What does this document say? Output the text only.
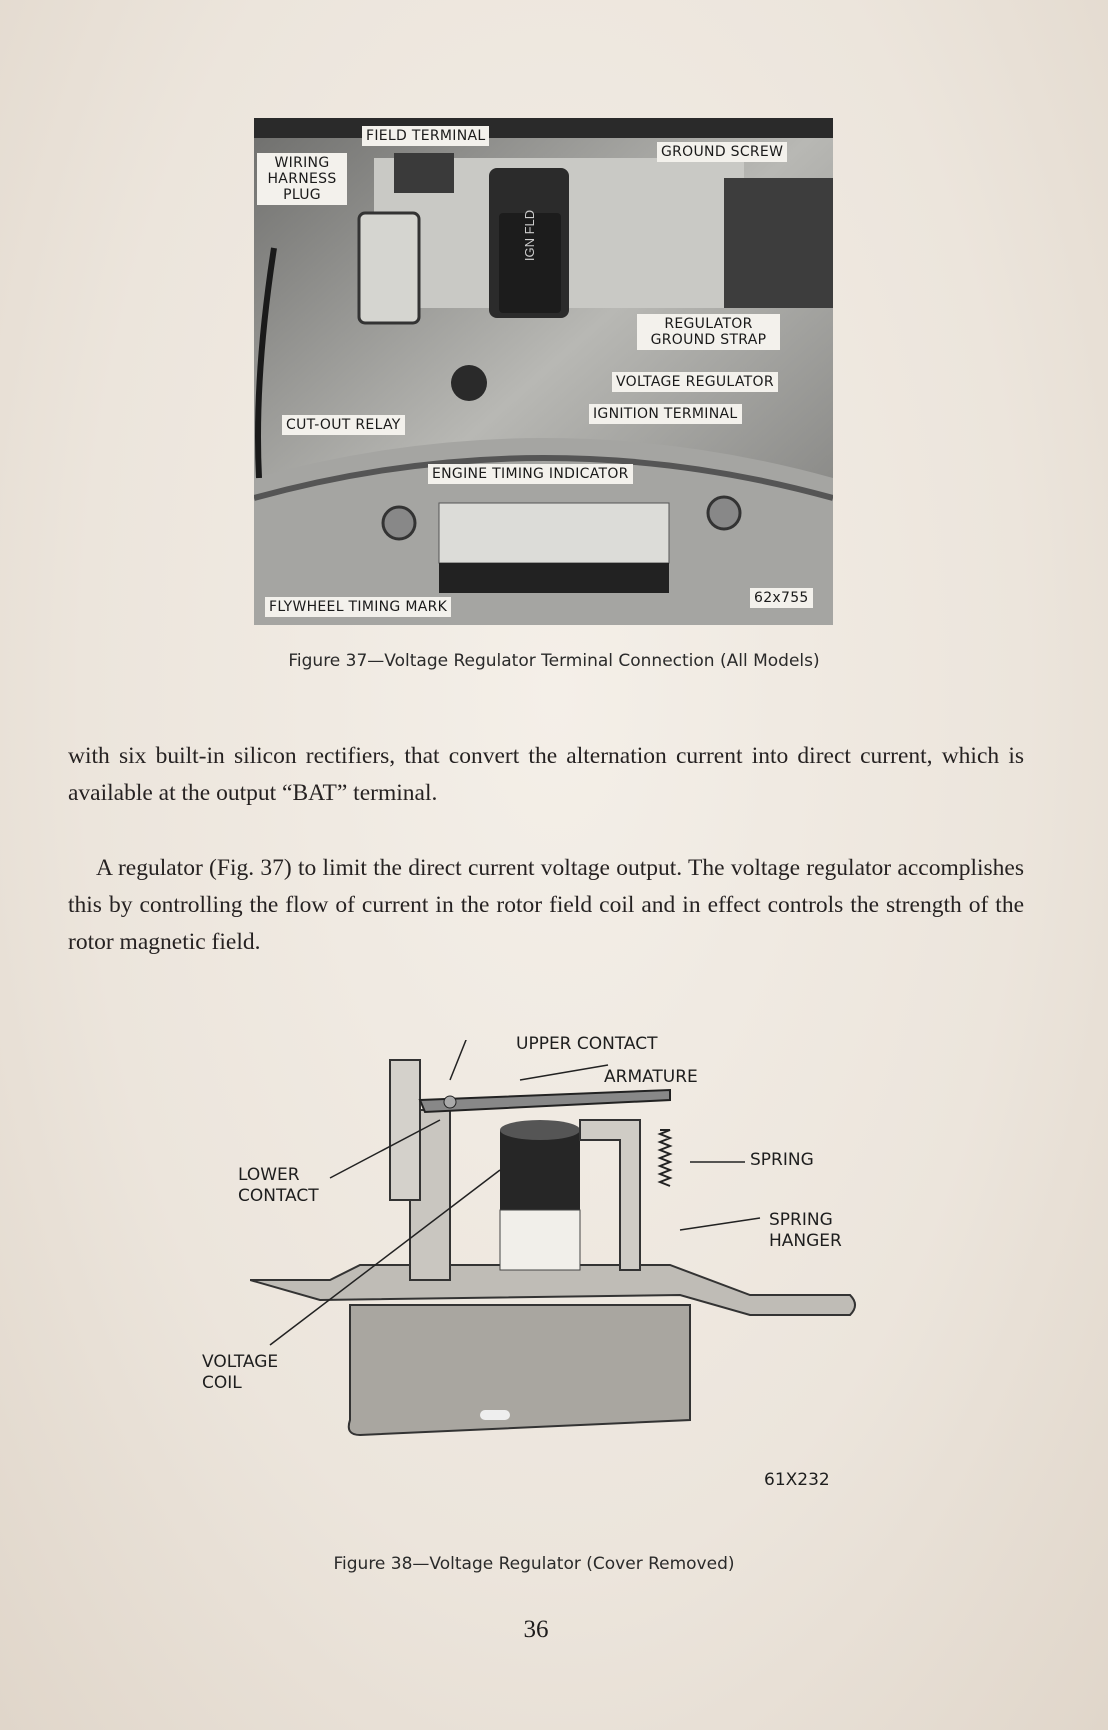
FIELD TERMINAL
WIRING HARNESS PLUG
GROUND SCREW
REGULATOR GROUND STRAP
VOLTAGE REGULATOR
IGNITION TERMINAL
CUT-OUT RELAY
ENGINE TIMING INDICATOR
FLYWHEEL TIMING MARK
62x755
IGN FLD
Figure 37—Voltage Regulator Terminal Connection (All Models)

with six built-in silicon rectifiers, that convert the alternation current into direct current, which is available at the output “BAT” terminal.

A regulator (Fig. 37) to limit the direct current voltage output. The voltage regulator accomplishes this by controlling the flow of current in the rotor field coil and in effect controls the strength of the rotor magnetic field.

UPPER CONTACT
ARMATURE
SPRING
SPRING HANGER
LOWER CONTACT
VOLTAGE COIL
61X232
Figure 38—Voltage Regulator (Cover Removed)
36
